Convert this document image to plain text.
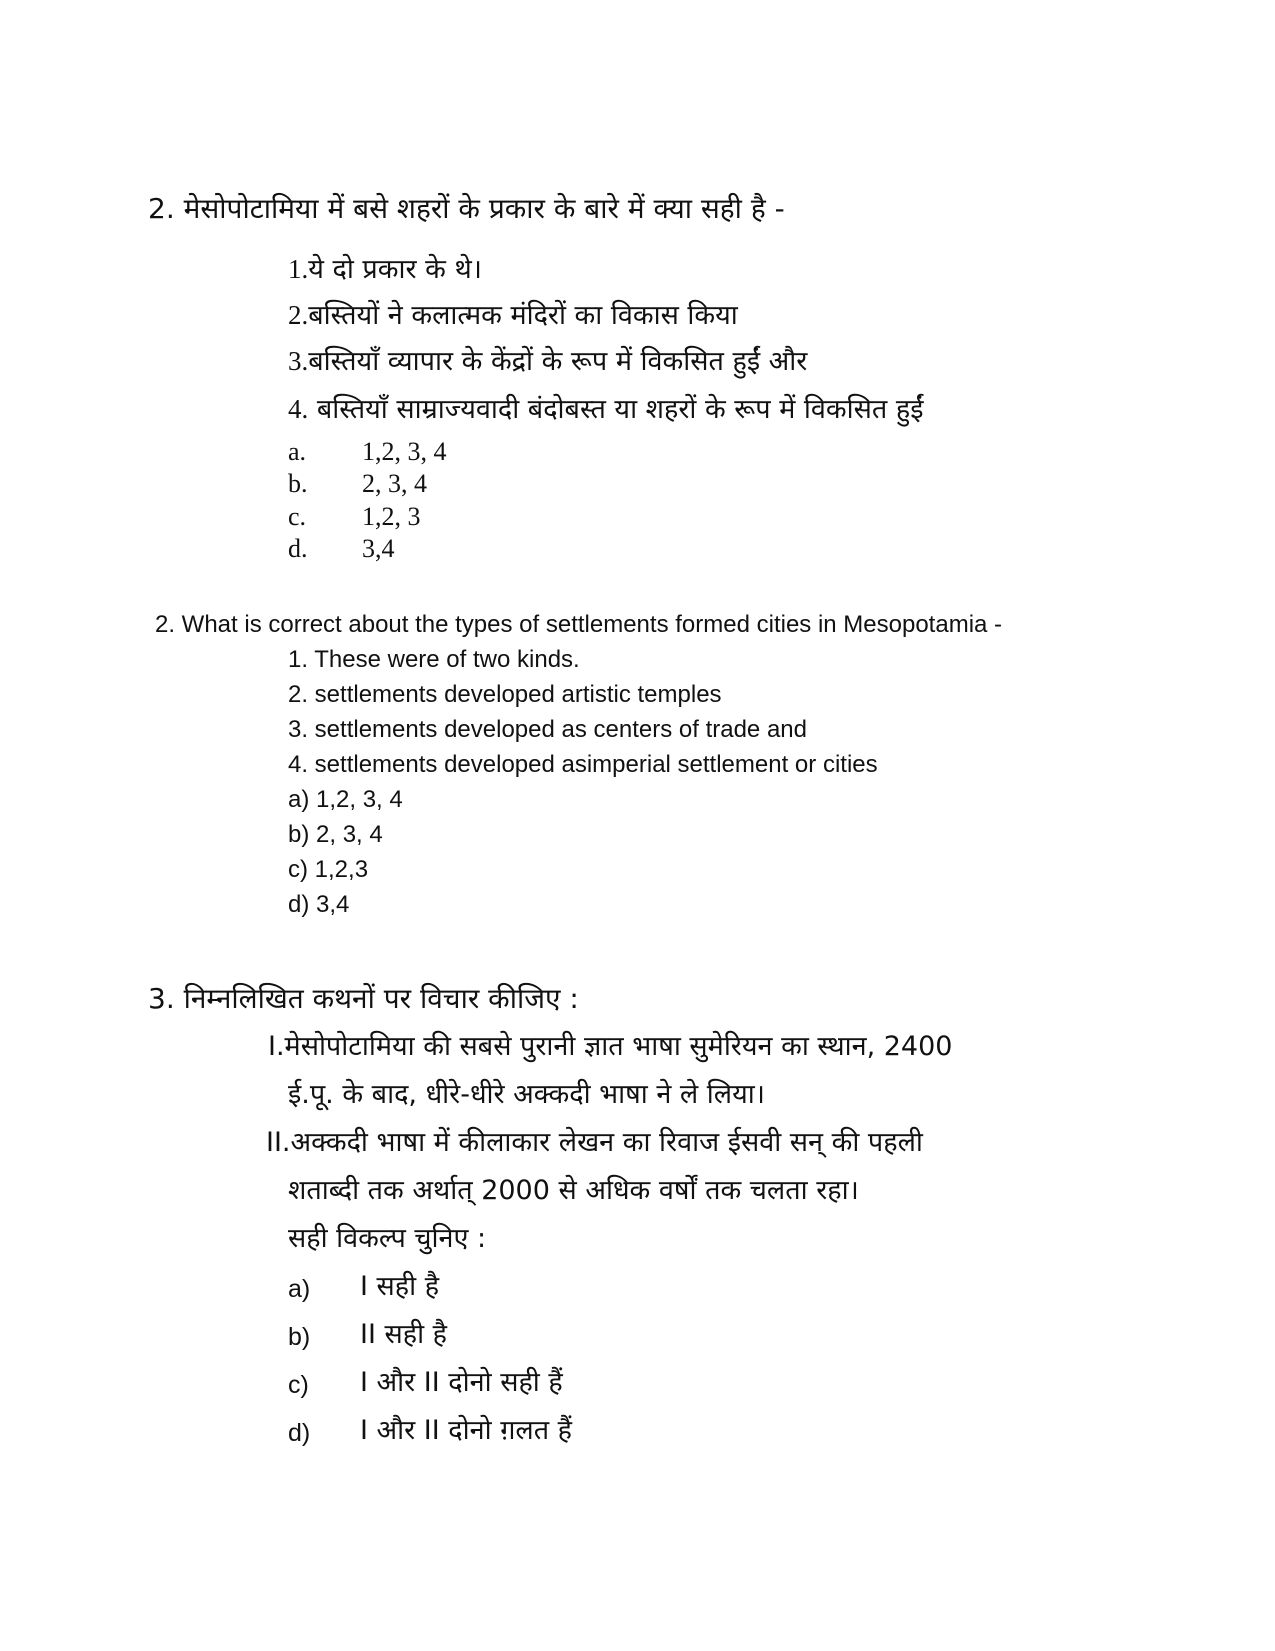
2. मेसोपोटामिया में बसे शहरों के प्रकार के बारे में क्या सही है -
1.ये दो प्रकार के थे।
2.बस्तियों ने कलात्मक मंदिरों का विकास किया
3.बस्तियाँ व्यापार के केंद्रों के रूप में विकसित हुईं और
4. बस्तियाँ साम्राज्यवादी बंदोबस्त या शहरों के रूप में विकसित हुईं
a. 1,2, 3, 4
b. 2, 3, 4
c. 1,2, 3
d. 3,4
2. What is correct about the types of settlements formed cities in Mesopotamia -
1. These were of two kinds.
2. settlements developed artistic temples
3. settlements developed as centers of trade and
4. settlements developed asimperial settlement or cities
a) 1,2, 3, 4
b) 2, 3, 4
c) 1,2,3
d) 3,4
3. निम्नलिखित कथनों पर विचार कीजिए :
I.मेसोपोटामिया की सबसे पुरानी ज्ञात भाषा सुमेरियन का स्थान, 2400
ई.पू. के बाद, धीरे-धीरे अक्कदी भाषा ने ले लिया।
II.अक्कदी भाषा में कीलाकार लेखन का रिवाज ईसवी सन् की पहली
शताब्दी तक अर्थात् 2000 से अधिक वर्षों तक चलता रहा।
सही विकल्प चुनिए :
a) I सही है
b) II सही है
c) I और II दोनो सही हैं
d) I और II दोनो ग़लत हैं
